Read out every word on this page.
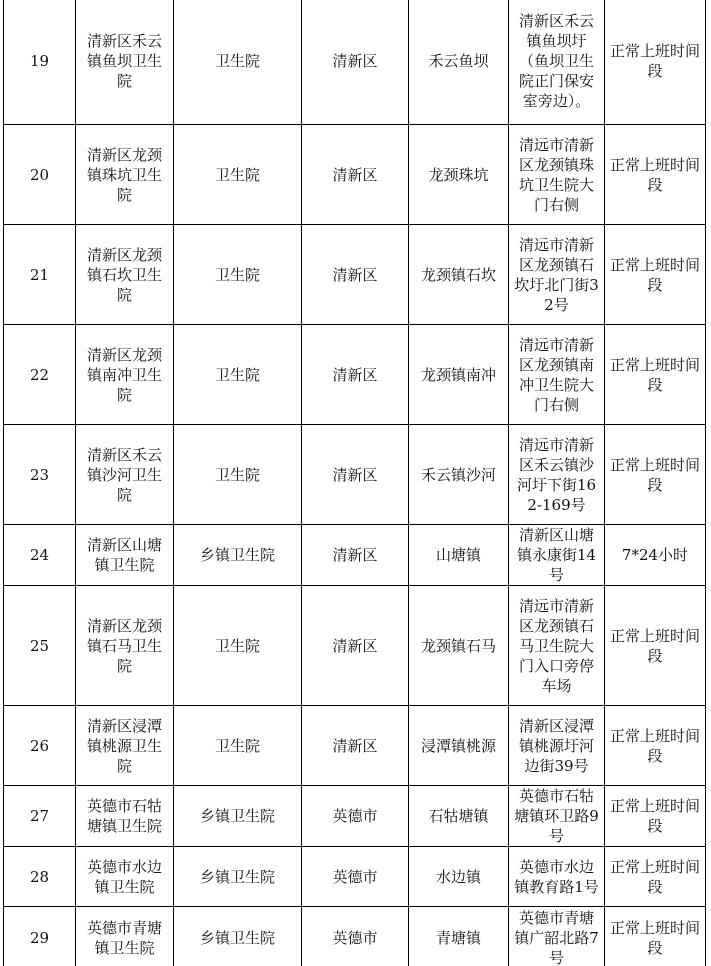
19	清新区禾云镇鱼坝卫生院	卫生院	清新区	禾云鱼坝	清新区禾云镇鱼坝圩（鱼坝卫生院正门保安室旁边）。	正常上班时间段
20	清新区龙颈镇珠坑卫生院	卫生院	清新区	龙颈珠坑	清远市清新区龙颈镇珠坑卫生院大门右侧	正常上班时间段
21	清新区龙颈镇石坎卫生院	卫生院	清新区	龙颈镇石坎	清远市清新区龙颈镇石坎圩北门街32号	正常上班时间段
22	清新区龙颈镇南冲卫生院	卫生院	清新区	龙颈镇南冲	清远市清新区龙颈镇南冲卫生院大门右侧	正常上班时间段
23	清新区禾云镇沙河卫生院	卫生院	清新区	禾云镇沙河	清远市清新区禾云镇沙河圩下街162-169号	正常上班时间段
24	清新区山塘镇卫生院	乡镇卫生院	清新区	山塘镇	清新区山塘镇永康街14号	7*24小时
25	清新区龙颈镇石马卫生院	卫生院	清新区	龙颈镇石马	清远市清新区龙颈镇石马卫生院大门入口旁停车场	正常上班时间段
26	清新区浸潭镇桃源卫生院	卫生院	清新区	浸潭镇桃源	清新区浸潭镇桃源圩河边街39号	正常上班时间段
27	英德市石牯塘镇卫生院	乡镇卫生院	英德市	石牯塘镇	英德市石牯塘镇环卫路9号	正常上班时间段
28	英德市水边镇卫生院	乡镇卫生院	英德市	水边镇	英德市水边镇教育路1号	正常上班时间段
29	英德市青塘镇卫生院	乡镇卫生院	英德市	青塘镇	英德市青塘镇广韶北路7号	正常上班时间段
